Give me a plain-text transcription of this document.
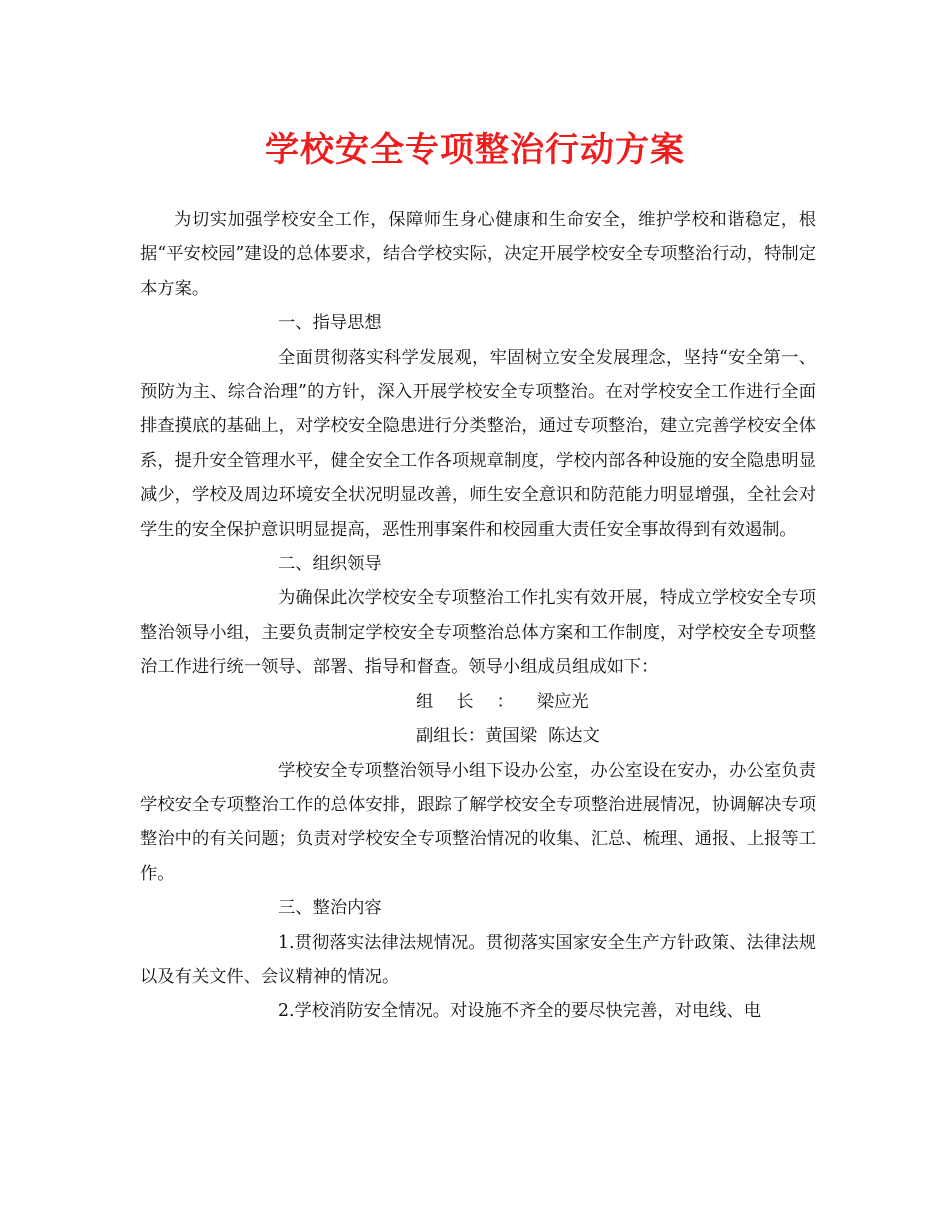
学校安全专项整治行动方案

为切实加强学校安全工作，保障师生身心健康和生命安全，维护学校和谐稳定，根据“平安校园”建设的总体要求，结合学校实际，决定开展学校安全专项整治行动，特制定本方案。

一、指导思想

全面贯彻落实科学发展观，牢固树立安全发展理念，坚持“安全第一、预防为主、综合治理”的方针，深入开展学校安全专项整治。在对学校安全工作进行全面排查摸底的基础上，对学校安全隐患进行分类整治，通过专项整治，建立完善学校安全体系，提升安全管理水平，健全安全工作各项规章制度，学校内部各种设施的安全隐患明显减少，学校及周边环境安全状况明显改善，师生安全意识和防范能力明显增强，全社会对学生的安全保护意识明显提高，恶性刑事案件和校园重大责任安全事故得到有效遏制。

二、组织领导

为确保此次学校安全专项整治工作扎实有效开展，特成立学校安全专项整治领导小组，主要负责制定学校安全专项整治总体方案和工作制度，对学校安全专项整治工作进行统一领导、部署、指导和督查。领导小组成员组成如下：

组长：梁应光

副组长：黄国梁  陈达文

学校安全专项整治领导小组下设办公室，办公室设在安办，办公室负责学校安全专项整治工作的总体安排，跟踪了解学校安全专项整治进展情况，协调解决专项整治中的有关问题；负责对学校安全专项整治情况的收集、汇总、梳理、通报、上报等工作。

三、整治内容

1.贯彻落实法律法规情况。贯彻落实国家安全生产方针政策、法律法规以及有关文件、会议精神的情况。

2.学校消防安全情况。对设施不齐全的要尽快完善，对电线、电
